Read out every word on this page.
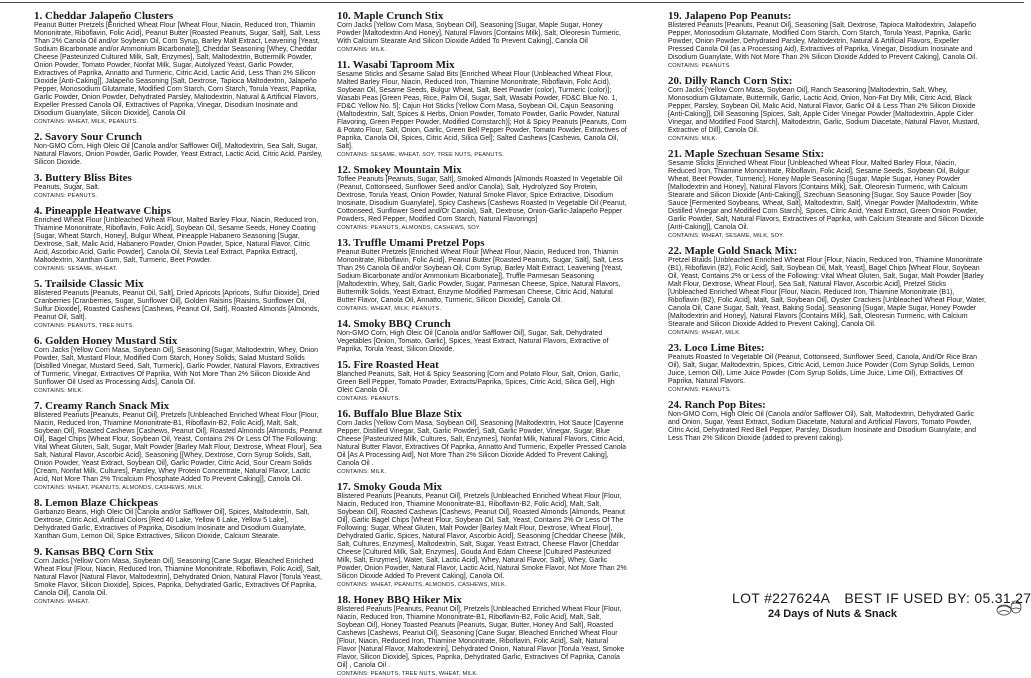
1. Cheddar Jalapeño Clusters

Peanut Butter Pretzels [Enriched Wheat Flour [Wheat Flour, Niacin, Reduced Iron, Thiamin Mononitrate, Riboflavin, Folic Acid], Peanut Butter [Roasted Peanuts, Sugar, Salt], Salt, Less Than 2% Canola Oil and/or Soybean Oil, Corn Syrup, Barley Malt Extract, Leavening [Yeast, Sodium Bicarbonate and/or Ammonium Bicarbonate]], Cheddar Seasoning [Whey, Cheddar Cheese [Pasteurized Cultured Milk, Salt, Enzymes], Salt, Maltodextrin, Buttermilk Powder, Onion Powder, Tomato Powder, Nonfat Milk, Sugar, Autolyzed Yeast, Garlic Powder, Extractives of Paprika, Annatto and Turmeric, Citric Acid, Lactic Acid, Less Than 2% Silicon Dioxide [Anti-Caking]], Jalapeño Seasoning [Salt, Dextrose, Tapioca Maltodextrin, Jalapeño Pepper, Monosodium Glutamate, Modified Corn Starch, Corn Starch, Torula Yeast, Paprika, Garlic Powder, Onion Powder, Dehydrated Parsley, Maltodextrin, Natural & Artificial Flavors, Expeller Pressed Canola Oil, Extractives of Paprika, Vinegar, Disodium Inosinate and Disodium Guanylate, Silicon Dioxide], Canola Oil

CONTAINS: WHEAT, MILK, PEANUTS.

2. Savory Sour Crunch

Non-GMO Corn, High Oleic Oil [Canola and/or Safflower Oil], Maltodextrin, Sea Salt, Sugar, Natural Flavors, Onion Powder, Garlic Powder, Yeast Extract, Lactic Acid, Citric Acid, Parsley, Silicon Dioxide.

3. Buttery Bliss Bites

Peanuts, Sugar, Salt.

CONTAINS: PEANUTS.

4. Pineapple Heatwave Chips

Enriched Wheat Flour [Unbleached Wheat Flour, Malted Barley Flour, Niacin, Reduced Iron, Thiamine Mononitrate, Riboflavin, Folic Acid], Soybean Oil, Sesame Seeds, Honey Coating [Sugar, Wheat Starch, Honey], Bulgur Wheat, Pineapple Habanero Seasoning [Sugar, Dextrose, Salt, Malic Acid, Habanero Powder, Onion Powder, Spice, Natural Flavor, Citric Acid, Ascorbic Acid, Garlic Powder], Canola Oil, Stevia Leaf Extract, Paprika Extract], Maltodextrin, Xanthan Gum, Salt, Turmeric, Beet Powder.

CONTAINS: SESAME, WHEAT.

5. Trailside Classic Mix

Blistered Peanuts [Peanuts, Peanut Oil, Salt], Dried Apricots [Apricots, Sulfur Dioxide], Dried Cranberries [Cranberries, Sugar, Sunflower Oil], Golden Raisins [Raisins, Sunflower Oil, Sulfur Dioxide], Roasted Cashews [Cashews, Peanut Oil, Salt], Roasted Almonds [Almonds, Peanut Oil, Salt].

CONTAINS: PEANUTS, TREE NUTS.

6. Golden Honey Mustard Stix

Corn Jacks [Yellow Corn Masa, Soybean Oil], Seasoning [Sugar, Maltodextrin, Whey, Onion Powder, Salt, Mustard Flour, Modified Corn Starch, Honey Solids, Salad Mustard Solids [Distilled Vinegar, Mustard Seed, Salt, Turmeric], Garlic Powder, Natural Flavors, Extractives of Turmeric, Vinegar, Extractives Of Paprika, With Not More Than 2% Silicon Dioxide And Sunflower Oil Used as Processing Aids], Canola Oil.

CONTAINS: MILK.

7. Creamy Ranch Snack Mix

Blistered Peanuts [Peanuts, Peanut Oil], Pretzels [Unbleached Enriched Wheat Flour [Flour, Niacin, Reduced Iron, Thiamine Mononitrate-B1, Riboflavin-B2, Folic Acid], Malt, Salt, Soybean Oil], Roasted Cashews [Cashews, Peanut Oil], Roasted Almonds [Almonds, Peanut Oil], Bagel Chips [Wheat Flour, Soybean Oil, Yeast, Contains 2% Or Less Of The Following: Vital Wheat Gluten, Salt, Sugar, Malt Powder [Barley Malt Flour, Dextrose, Wheat Flour], Sea Salt, Natural Flavor, Ascorbic Acid], Seasoning [[Whey, Dextrose, Corn Syrup Solids, Salt, Onion Powder, Yeast Extract, Soybean Oil], Garlic Powder, Citric Acid, Sour Cream Solids [Cream, Nonfat Milk, Cultures], Parsley, Whey Protein Concentrate, Natural Flavor, Lactic Acid, Not More Than 2% Tricalcium Phosphate Added To Prevent Caking]], Canola Oil.

CONTAINS: WHEAT, PEANUTS, ALMONDS, CASHEWS, MILK.

8. Lemon Blaze Chickpeas

Garbanzo Beans, High Oleic Oil [Canola and/or Safflower Oil], Spices, Maltodextrin, Salt, Dextrose, Citric Acid, Artificial Colors [Red 40 Lake, Yellow 6 Lake, Yellow 5 Lake], Dehydrated Garlic, Extractives of Paprika, Disodium Inosinate and Disodium Guanylate, Xanthan Gum, Lemon Oil, Spice Extractives, Silicon Dioxide, Calcium Stearate.

9. Kansas BBQ Corn Stix

Corn Jacks [Yellow Corn Masa, Soybean Oil], Seasoning [Cane Sugar, Bleached Enriched Wheat Flour [Flour, Niacin, Reduced Iron, Thiamine Mononitrate, Riboflavin, Folic Acid], Salt, Natural Flavor [Natural Flavor, Maltodextrin], Dehydrated Onion, Natural Flavor [Torula Yeast, Smoke Flavor, Silicon Dioxide], Spices, Paprika, Dehydrated Garlic, Extractives Of Paprika, Canola Oil], Canola Oil.

CONTAINS: WHEAT.

10. Maple Crunch Stix

Corn Jacks [Yellow Corn Masa, Soybean Oil], Seasoning [Sugar, Maple Sugar, Honey Powder [Maltodextrin And Honey], Natural Flavors [Contains Milk], Salt, Oleoresin Turmeric, With Calcium Stearate And Silicon Dioxide Added To Prevent Caking], Canola Oil

CONTAINS: MILK.

11. Wasabi Taproom Mix

Sesame Sticks and Sesame Salad Bits [Enriched Wheat Flour (Unbleached Wheat Flour, Malted Barley Flour, Niacin, Reduced Iron, Thiamine Mononitrate, Riboflavin, Folic Acid), Soybean Oil, Sesame Seeds, Bulgur Wheat, Salt, Beet Powder (color), Turmeric (color)]; Wasabi Peas [Green Peas, Rice, Palm Oil, Sugar, Salt, Wasabi Powder, FD&C Blue No. 1, FD&C Yellow No. 5]; Cajun Hot Sticks [Yellow Corn Masa, Soybean Oil, Cajun Seasoning (Maltodextrin, Salt, Spices & Herbs, Onion Powder, Tomato Powder, Garlic Powder, Natural Flavoring, Green Pepper Powder, Modified Cornstarch)]; Hot & Spicy Peanuts [Peanuts, Corn & Potato Flour, Salt, Onion, Garlic, Green Bell Pepper Powder, Tomato Powder, Extractives of Paprika, Canola Oil, Spices, Citric Acid, Silica Gel]; Salted Cashews [Cashews, Canola Oil, Salt].

CONTAINS: SESAME, WHEAT, SOY, TREE NUTS, PEANUTS.

12. Smokey Mountain Mix

Toffee Peanuts [Peanuts, Sugar, Salt], Smoked Almonds [Almonds Roasted In Vegetable Oil (Peanut, Cottonseed, Sunflower Seed and/or Canola), Salt, Hydrolyzed Soy Protein, Dextrose, Torula Yeast, Onion Powder, Natural Smoke Flavor, Spice Extractive, Disodium Inosinate, Disodium Guanylate], Spicy Cashews [Cashews Roasted In Vegetable Oil (Peanut, Cottonseed, Sunflower Seed and/Or Canola), Salt, Dextrose, Onion-Garlic-Jalapeño Pepper Powders, Red Pepper, Modified Corn Starch, Natural Flavorings]

CONTAINS: PEANUTS, ALMONDS, CASHEWS, SOY.

13. Truffle Umami Pretzel Pops

Peanut Butter Pretzels [Enriched Wheat Flour [Wheat Flour, Niacin, Reduced Iron, Thiamin Mononitrate, Riboflavin, Folic Acid], Peanut Butter [Roasted Peanuts, Sugar, Salt], Salt, Less Than 2% Canola Oil and/or Soybean Oil, Corn Syrup, Barley Malt Extract, Leavening [Yeast, Sodium Bicarbonate and/or Ammonium Bicarbonate]], Truffle Parmesan Seasoning [Maltodextrin, Whey, Salt, Garlic Powder, Sugar, Parmesan Cheese, Spice, Natural Flavors, Buttermilk Solids, Yeast Extract, Enzyme Modified Parmesan Cheese, Citric Acid, Natural Butter Flavor, Canola Oil, Annatto, Turmeric, Silicon Dioxide], Canola Oil.

CONTAINS: WHEAT, MILK, PEANUTS.

14. Smoky BBQ Crunch

Non-GMO Corn, High Oleic Oil [Canola and/or Safflower Oil], Sugar, Salt, Dehydrated Vegetables [Onion, Tomato, Garlic], Spices, Yeast Extract, Natural Flavors, Extractive of Paprika, Torula Yeast, Silicon Dioxide.

15. Fire Roasted Heat

Blanched Peanuts, Salt, Hot & Spicy Seasoning [Corn and Potato Flour, Salt, Onion, Garlic, Green Bell Pepper, Tomato Powder, Extracts/Paprika, Spices, Citric Acid, Silica Gel], High Oleic Canola Oil.

CONTAINS: PEANUTS.

16. Buffalo Blue Blaze Stix

Corn Jacks [Yellow Corn Masa, Soybean Oil], Seasoning [Maltodextrin, Hot Sauce [Cayenne Pepper, Distilled Vinegar, Salt, Garlic Powder], Salt, Garlic Powder, Vinegar, Sugar, Blue Cheese [Pasteurized Milk, Cultures, Salt, Enzymes], Nonfat Milk, Natural Flavors, Citric Acid, Natural Butter Flavor, Extractives Of Paprika, Annatto And Turmeric, Expeller Pressed Canola Oil [As A Processing Aid], Not More Than 2% Silicon Dioxide Added To Prevent Caking], Canola Oil .

CONTAINS: MILK.

17. Smoky Gouda Mix

Blistered Peanuts [Peanuts, Peanut Oil], Pretzels [Unbleached Enriched Wheat Flour [Flour, Niacin, Reduced Iron, Thiamine Mononitrate-B1, Riboflavin-B2, Folic Acid], Malt, Salt, Soybean Oil], Roasted Cashews [Cashews, Peanut Oil], Roasted Almonds [Almonds, Peanut Oil], Garlic Bagel Chips [Wheat Flour, Soybean Oil, Salt, Yeast, Contains 2% Or Less Of The Following: Sugar, Wheat Gluten, Malt Powder [Barley Malt Flour, Dextrose, Wheat Flour], Dehydrated Garlic, Spices, Natural Flavor, Ascorbic Acid], Seasoning [Cheddar Cheese [Milk, Salt, Cultures, Enzymes], Maltodextrin, Salt, Sugar, Yeast Extract, Cheese Flavor [Cheddar Cheese [Cultured Milk, Salt, Enzymes], Gouda And Edam Cheese [Cultured Pasteurized Milk, Salt, Enzymes], Water, Salt, Lactic Acid], Whey, Natural Flavor, Salt], Whey, Garlic Powder, Onion Powder, Natural Flavor, Lactic Acid, Natural Smoke Flavor, Not More Than 2% Silicon Dioxide Added To Prevent Caking], Canola Oil.

CONTAINS: WHEAT, PEANUTS, ALMONDS, CASHEWS, MILK.

18. Honey BBQ Hiker Mix

Blistered Peanuts [Peanuts, Peanut Oil], Pretzels [Unbleached Enriched Wheat Flour [Flour, Niacin, Reduced Iron, Thiamine Mononitrate-B1, Riboflavin-B2, Folic Acid], Malt, Salt, Soybean Oil], Honey Toasted Peanuts [Peanuts, Sugar, Butter, Honey And Salt], Roasted Cashews [Cashews, Peanut Oil], Seasoning [Cane Sugar, Bleached Enriched Wheat Flour [Flour, Niacin, Reduced Iron, Thiamine Mononitrate, Riboflavin, Folic Acid], Salt, Natural Flavor [Natural Flavor, Maltodextrin], Dehydrated Onion, Natural Flavor [Torula Yeast, Smoke Flavor, Silicon Dioxide], Spices, Paprika, Dehydrated Garlic, Extractives Of Paprika, Canola Oil] , Canola Oil .

CONTAINS: PEANUTS, TREE NUTS, WHEAT, MILK.

19. Jalapeno Pop Peanuts:

Blistered Peanuts [Peanuts, Peanut Oil], Seasoning [Salt, Dextrose, Tapioca Maltodextrin, Jalapeño Pepper, Monosodium Glutamate, Modified Corn Starch, Corn Starch, Torula Yeast, Paprika, Garlic Powder, Onion Powder, Dehydrated Parsley, Maltodextrin, Natural & Artificial Flavors, Expeller Pressed Canola Oil (as a Processing Aid), Extractives of Paprika, Vinegar, Disodium Inosinate and Disodium Guanylate, With Not More Than 2% Silicon Dioxide Added to Prevent Caking], Canola Oil.

CONTAINS: PEANUTS.

20. Dilly Ranch Corn Stix:

Corn Jacks [Yellow Corn Masa, Soybean Oil], Ranch Seasoning [Maltodextrin, Salt, Whey, Monosodium Glutamate, Buttermilk, Garlic, Lactic Acid, Onion, Non-Fat Dry Milk, Citric Acid, Black Pepper, Parsley, Soybean Oil, Malic Acid, Natural Flavor, Garlic Oil & Less Than 2% Silicon Dioxide [Anti-Caking]], Dill Seasoning [Spices, Salt, Apple Cider Vinegar Powder [Maltodextrin, Apple Cider Vinegar, and Modified Food Starch], Maltodextrin, Garlic, Sodium Diacetate, Natural Flavor, Mustard, Extractive of Dill], Canola Oil.

CONTAINS: MILK.

21. Maple Szechuan Sesame Stix:

Sesame Sticks [Enriched Wheat Flour [Unbleached Wheat Flour, Malted Barley Flour, Niacin, Reduced Iron, Thiamine Mononitrate, Riboflavin, Folic Acid], Sesame Seeds, Soybean Oil, Bulgur Wheat, Beet Powder, Turmeric], Honey Maple Seasoning [Sugar, Maple Sugar, Honey Powder [Maltodextrin and Honey], Natural Flavors [Contains Milk], Salt, Oleoresin Turmeric, with Calcium Stearate and Silicon Dioxide [Anti-Caking]], Szechuan Seasoning [Sugar, Soy Sauce Powder [Soy Sauce [Fermented Soybeans, Wheat, Salt], Maltodextrin, Salt], Vinegar Powder [Maltodextrin, White Distilled Vinegar and Modified Corn Starch], Spices, Citric Acid, Yeast Extract, Green Onion Powder, Garlic Powder, Salt, Natural Flavors, Extractives of Paprika, with Calcium Stearate and Silicon Dioxide [Anti-Caking]], Canola Oil.

CONTAINS: WHEAT, SESAME, MILK, SOY.

22. Maple Gold Snack Mix:

Pretzel Braids [Unbleached Enriched Wheat Flour [Flour, Niacin, Reduced Iron, Thiamine Mononitrate (B1), Riboflavin (B2), Folic Acid], Salt, Soybean Oil, Malt, Yeast], Bagel Chips [Wheat Flour, Soybean Oil, Yeast, Contains 2% or Less of the Following: Vital Wheat Gluten, Salt, Sugar, Malt Powder [Barley Malt Flour, Dextrose, Wheat Flour], Sea Salt, Natural Flavor, Ascorbic Acid], Pretzel Sticks [Unbleached Enriched Wheat Flour [Flour, Niacin, Reduced Iron, Thiamine Mononitrate (B1), Riboflavin (B2), Folic Acid], Malt, Salt, Soybean Oil], Oyster Crackers [Unbleached Wheat Flour, Water, Canola Oil, Cane Sugar, Salt, Yeast, Baking Soda], Seasoning [Sugar, Maple Sugar, Honey Powder [Maltodextrin and Honey], Natural Flavors [Contains Milk], Salt, Oleoresin Turmeric, with Calcium Stearate and Silicon Dioxide Added to Prevent Caking], Canola Oil.

CONTAINS: WHEAT, MILK.

23. Loco Lime Bites:

Peanuts Roasted In Vegetable Oil (Peanut, Cottonseed, Sunflower Seed, Canola, And/Or Rice Bran Oil), Salt, Sugar, Maltodextrin, Spices, Citric Acid, Lemon Juice Powder (Corn Syrup Solids, Lemon Juice, Lemon Oil), Lime Juice Powder (Corn Syrup Solids, Lime Juice, Lime Oil), Extractives Of Paprika, Natural Flavors.

CONTAINS: PEANUTS.

24. Ranch Pop Bites:

Non-GMO Corn, High Oleic Oil (Canola and/or Safflower Oil), Salt, Maltodextrin, Dehydrated Garlic and Onion, Sugar, Yeast Extract, Sodium Diacetate, Natural and Artificial Flavors, Tomato Powder, Citric Acid, Dehydrated Red Bell Pepper, Parsley, Disodium Inosinate and Disodium Guanylate, and Less Than 2% Silicon Dioxide (added to prevent caking).

LOT #227624A BEST IF USED BY: 05.31.27
24 Days of Nuts & Snack
